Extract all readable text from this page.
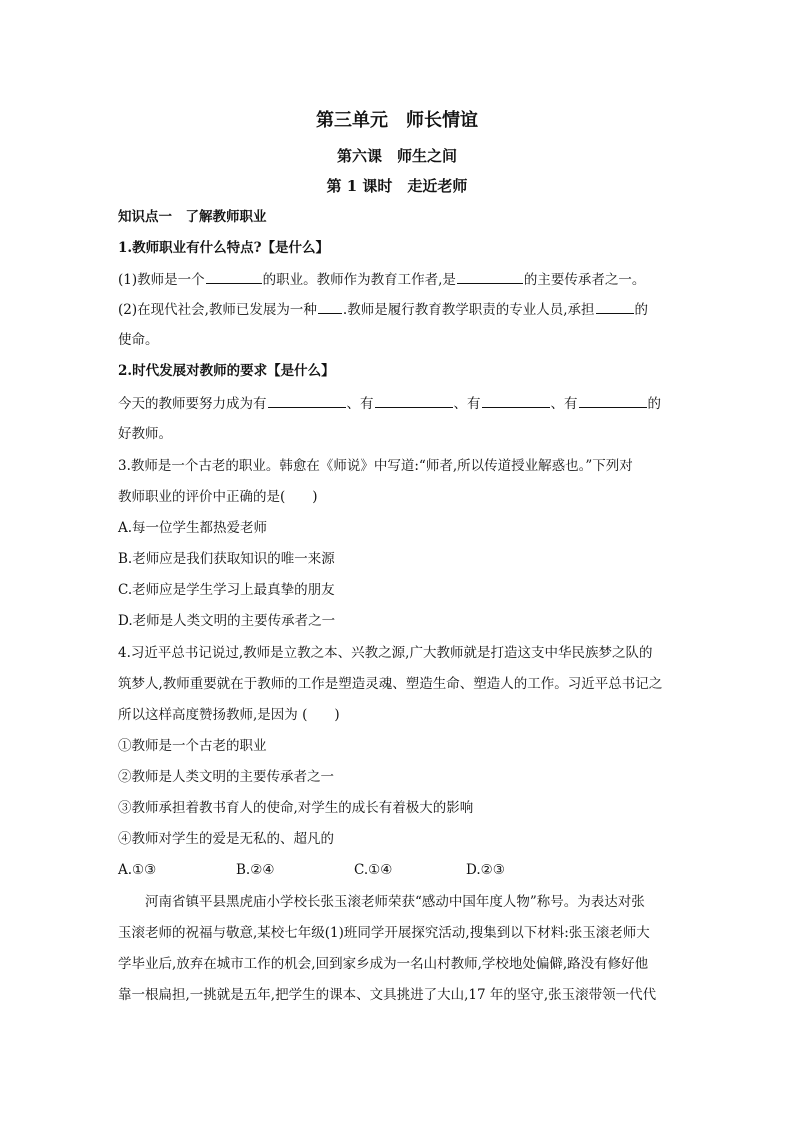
第三单元　师长情谊
第六课　师生之间
第 1 课时　走近老师
知识点一　了解教师职业
1.教师职业有什么特点?【是什么】
(1)教师是一个	的职业。教师作为教育工作者,是	的主要传承者之一。
(2)在现代社会,教师已发展为一种 .教师是履行教育教学职责的专业人员,承担	的
使命。
2.时代发展对教师的要求【是什么】
今天的教师要努力成为有	、有	、有	、有	的
好教师。
3.教师是一个古老的职业。韩愈在《师说》中写道:“师者,所以传道授业解惑也。”下列对
教师职业的评价中正确的是(　　)
A.每一位学生都热爱老师
B.老师应是我们获取知识的唯一来源
C.老师应是学生学习上最真挚的朋友
D.老师是人类文明的主要传承者之一
4.习近平总书记说过,教师是立教之本、兴教之源,广大教师就是打造这支中华民族梦之队的
筑梦人,教师重要就在于教师的工作是塑造灵魂、塑造生命、塑造人的工作。习近平总书记之
所以这样高度赞扬教师,是因为 (　　)
①教师是一个古老的职业
②教师是人类文明的主要传承者之一
③教师承担着教书育人的使命,对学生的成长有着极大的影响
④教师对学生的爱是无私的、超凡的
A.①③	B.②④	C.①④	D.②③
河南省镇平县黑虎庙小学校长张玉滚老师荣获“感动中国年度人物”称号。为表达对张
玉滚老师的祝福与敬意,某校七年级(1)班同学开展探究活动,搜集到以下材料:张玉滚老师大
学毕业后,放弃在城市工作的机会,回到家乡成为一名山村教师,学校地处偏僻,路没有修好他
靠一根扁担,一挑就是五年,把学生的课本、文具挑进了大山,17 年的坚守,张玉滚带领一代代
